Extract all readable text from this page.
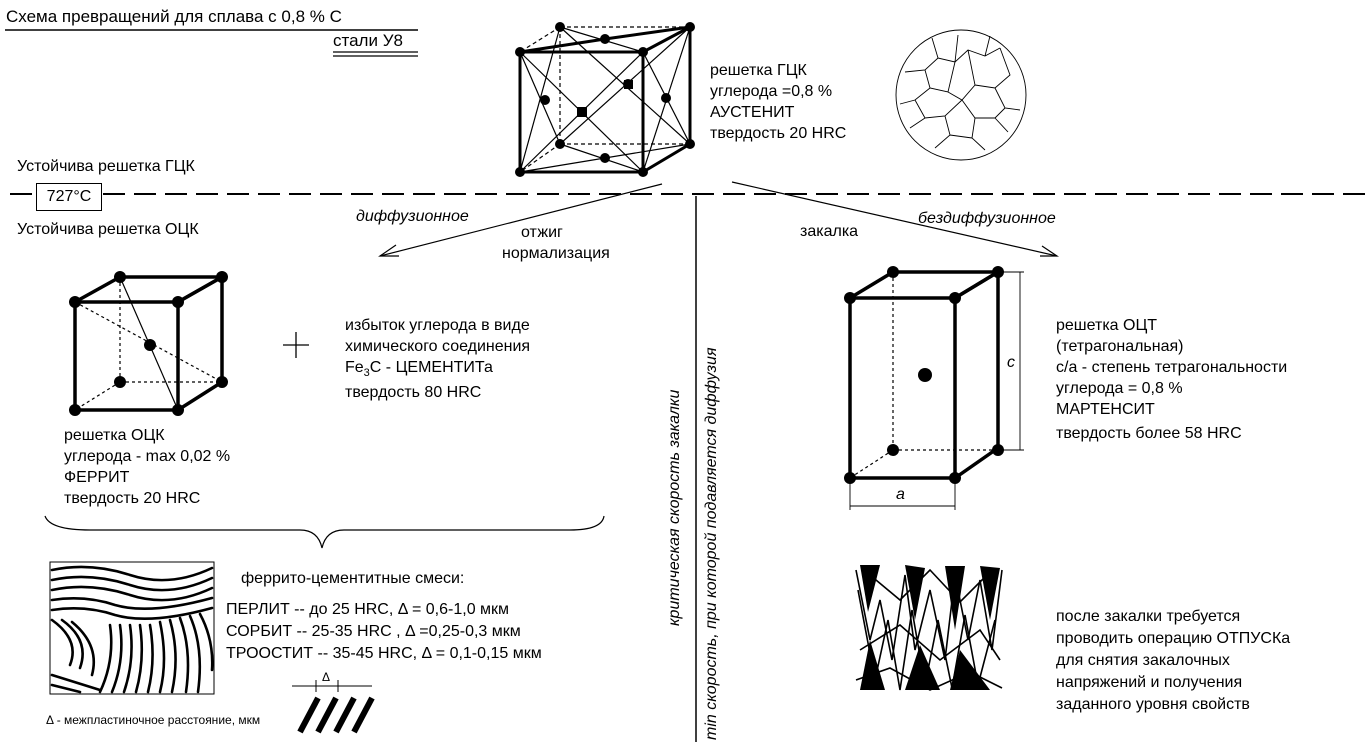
Схема превращений для сплава с 0,8 % С
стали У8
решетка ГЦК
углерода =0,8 %
АУСТЕНИТ
твердость 20 HRC
Устойчива решетка ГЦК
727°С
Устойчива решетка ОЦК
диффузионное
отжиг
нормализация
закалка
бездиффузионное
критическая скорость закалки min скорость, при которой подавляется диффузия
решетка ОЦК
углерода - max 0,02 %
ФЕРРИТ
твердость 20 HRC
избыток углерода в виде
химического соединения
$Fe_3C$ - ЦЕМЕНТИТа
твердость 80 HRC
решетка ОЦТ
(тетрагональная)
с/а - степень тетрагональности
углерода = 0,8 %
МАРТЕНСИТ
твердость более 58 HRC
c
a
феррито-цементитные смеси:
ПЕРЛИТ -- до 25 HRC, Δ = 0,6-1,0 мкм
СОРБИТ -- 25-35 HRC , Δ =0,25-0,3 мкм
ТРООСТИТ -- 35-45 HRC, Δ = 0,1-0,15 мкм
Δ
Δ - межпластиночное расстояние, мкм
после закалки требуется
проводить операцию ОТПУСКа
для снятия закалочных
напряжений и получения
заданного уровня свойств
